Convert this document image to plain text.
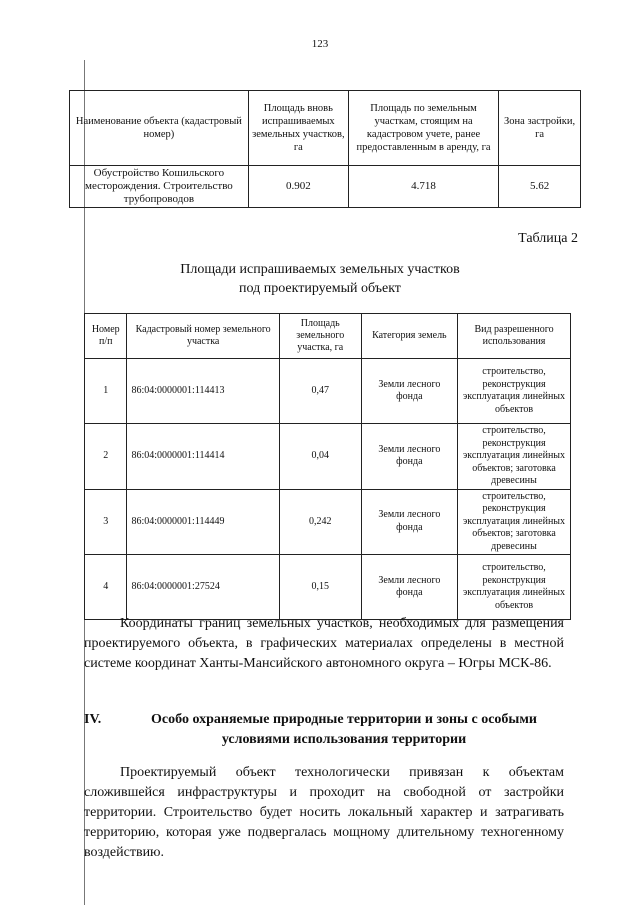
123
Наименование объекта (кадастровый номер)	Площадь вновь испрашиваемых земельных участков, га	Площадь по земельным участкам, стоящим на кадастровом учете, ранее предоставленным в аренду, га	Зона застройки, га
Обустройство Кошильского месторождения. Строительство трубопроводов	0.902	4.718	5.62
Таблица 2
Площади испрашиваемых земельных участков
под проектируемый объект
Номер п/п	Кадастровый номер земельного участка	Площадь земельного участка, га	Категория земель	Вид разрешенного использования
1	86:04:0000001:114413	0,47	Земли лесного фонда	строительство, реконструкция эксплуатация линейных объектов
2	86:04:0000001:114414	0,04	Земли лесного фонда	строительство, реконструкция эксплуатация линейных объектов; заготовка древесины
3	86:04:0000001:114449	0,242	Земли лесного фонда	строительство, реконструкция эксплуатация линейных объектов; заготовка древесины
4	86:04:0000001:27524	0,15	Земли лесного фонда	строительство, реконструкция эксплуатация линейных объектов

Координаты границ земельных участков, необходимых для размещения проектируемого объекта, в графических материалах определены в местной системе координат Ханты-Мансийского автономного округа – Югры МСК-86.

IV.	Особо охраняемые природные территории и зоны с особыми условиями использования территории

Проектируемый объект технологически привязан к объектам сложившейся инфраструктуры и проходит на свободной от застройки территории. Строительство будет носить локальный характер и затрагивать территорию, которая уже подвергалась мощному длительному техногенному воздействию.
